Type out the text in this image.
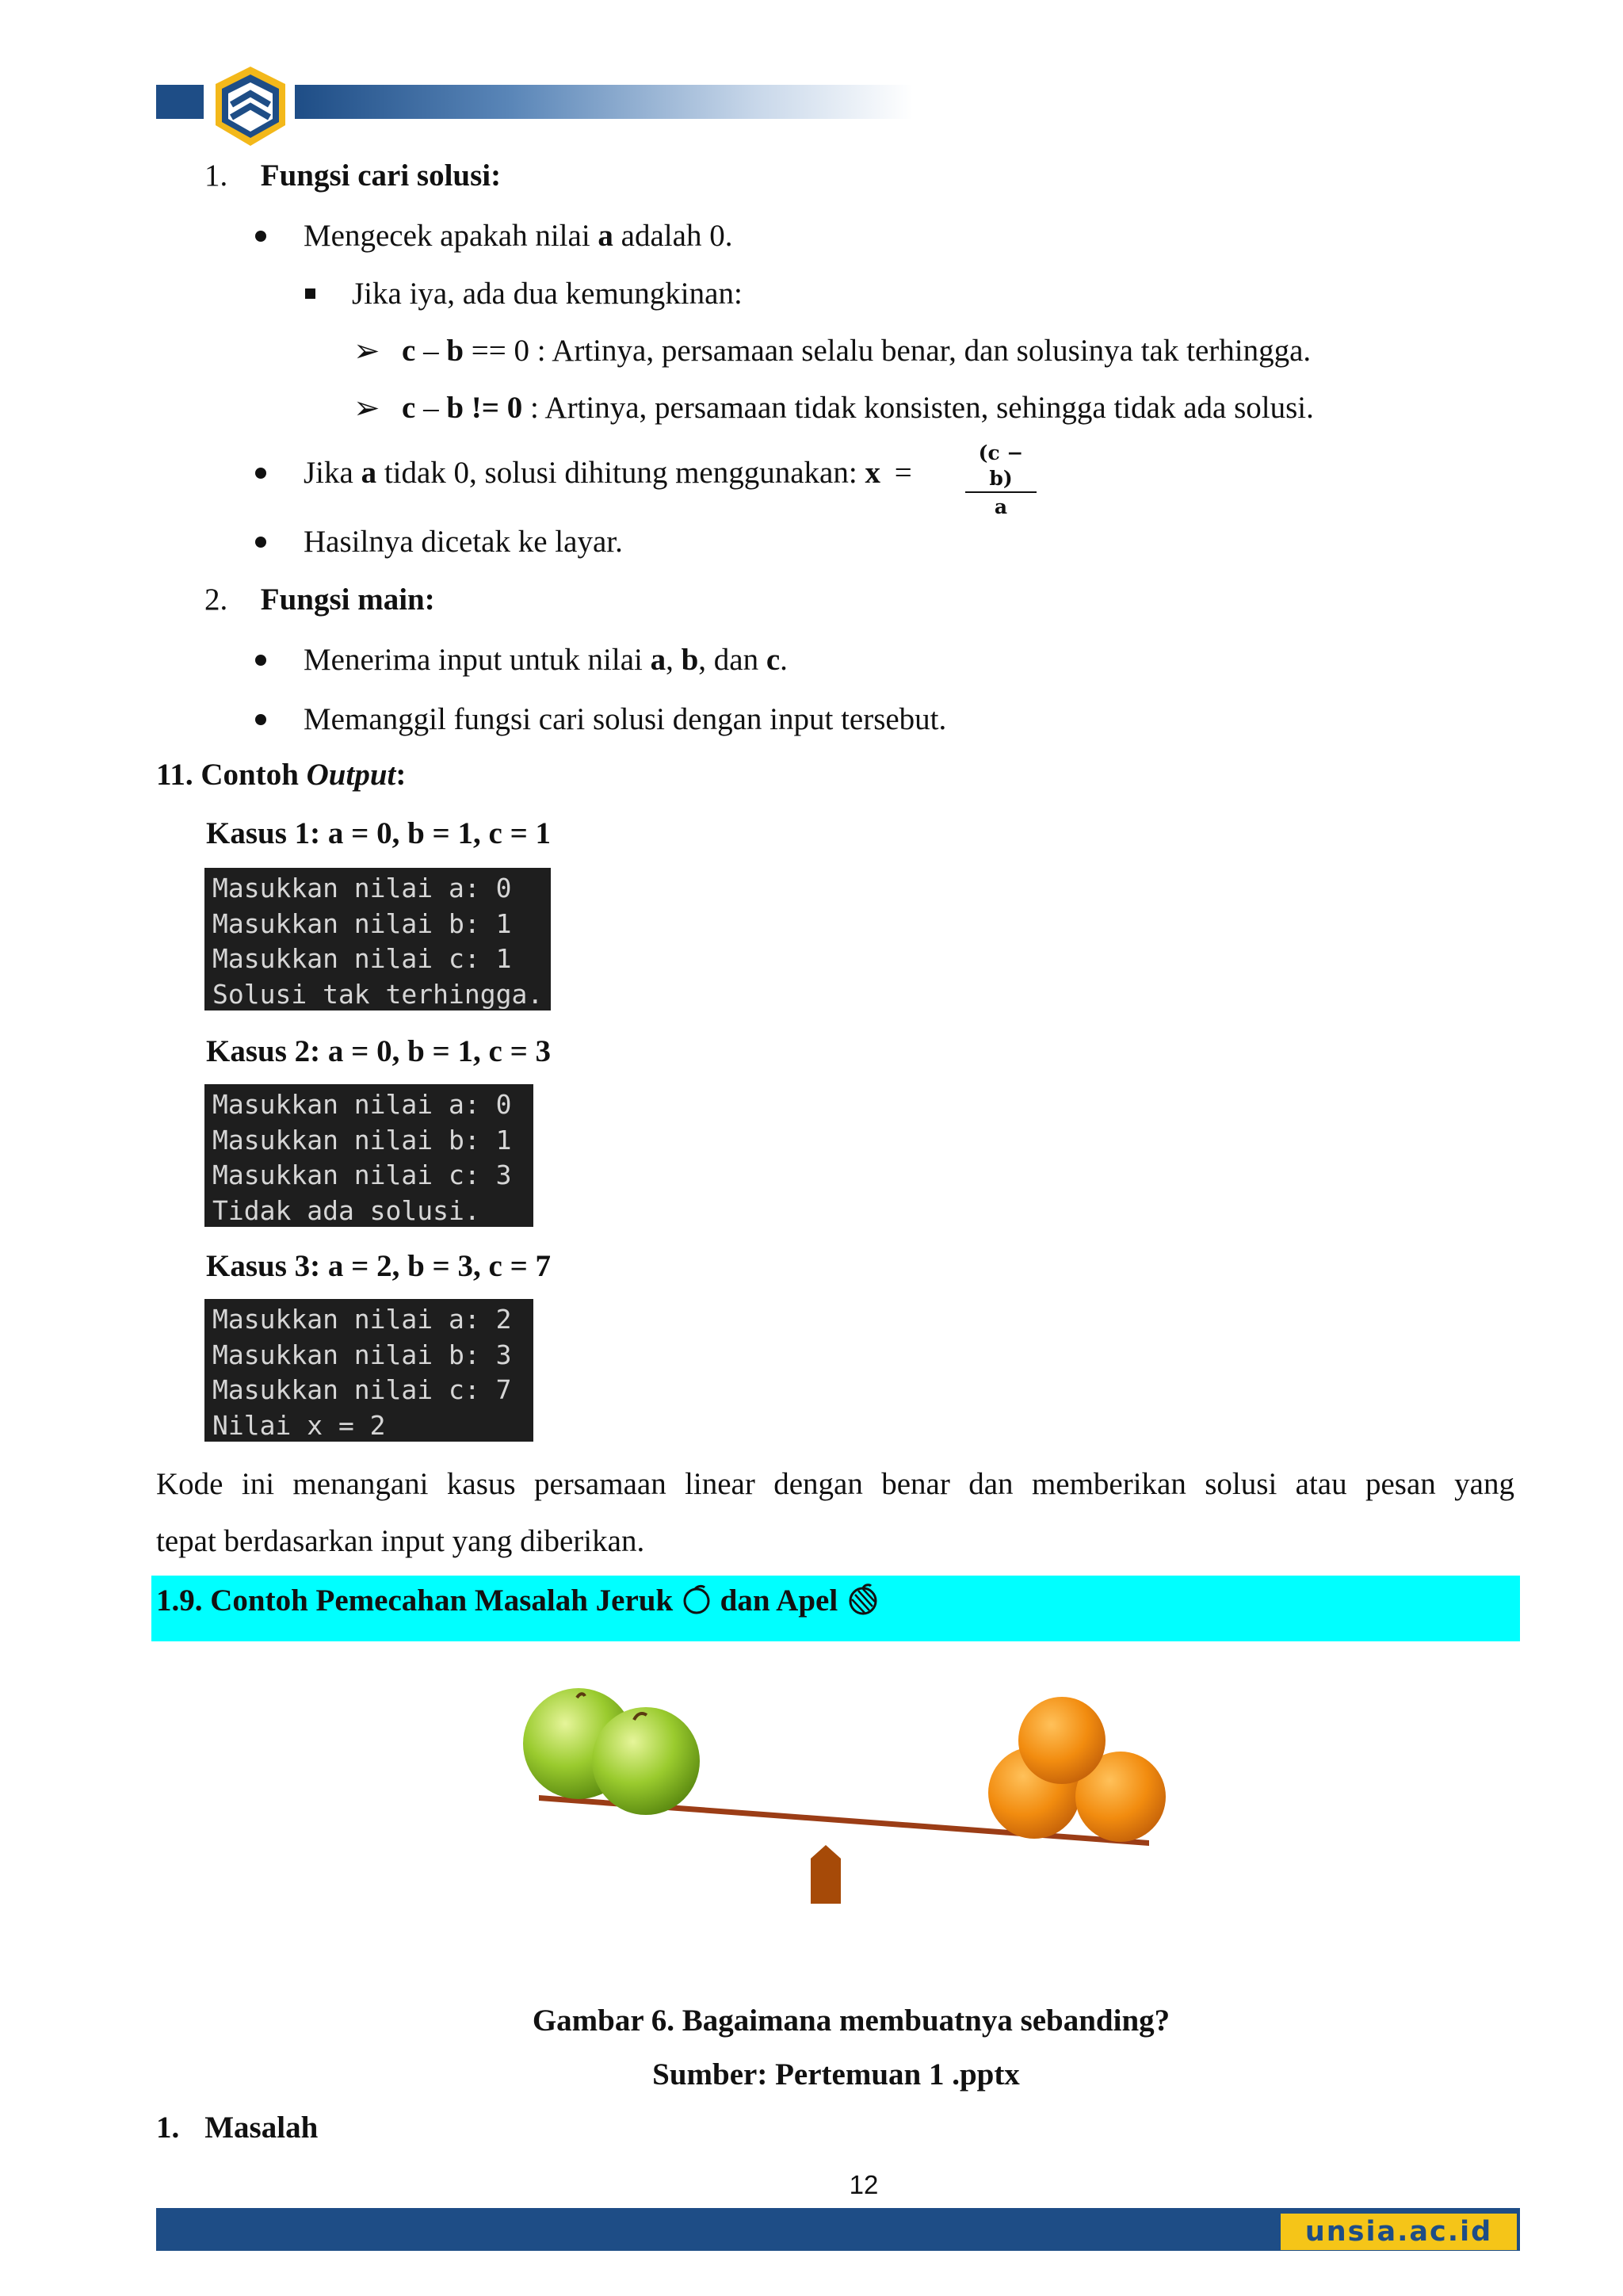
1. Fungsi cari solusi:
Mengecek apakah nilai a adalah 0.
Jika iya, ada dua kemungkinan:
➢ c – b == 0 : Artinya, persamaan selalu benar, dan solusinya tak terhingga.
➢ c – b != 0 : Artinya, persamaan tidak konsisten, sehingga tidak ada solusi.
Jika a tidak 0, solusi dihitung menggunakan: x =	$\frac{(c - b)}{a}$
Hasilnya dicetak ke layar.
2. Fungsi main:
Menerima input untuk nilai a, b, dan c.
Memanggil fungsi cari solusi dengan input tersebut.
11. Contoh Output:
Kasus 1: a = 0, b = 1, c = 1
Masukkan nilai a: 0
Masukkan nilai b: 1
Masukkan nilai c: 1
Solusi tak terhingga.
Kasus 2: a = 0, b = 1, c = 3
Masukkan nilai a: 0
Masukkan nilai b: 1
Masukkan nilai c: 3
Tidak ada solusi.
Kasus 3: a = 2, b = 3, c = 7
Masukkan nilai a: 2
Masukkan nilai b: 3
Masukkan nilai c: 7
Nilai x = 2
Kode ini menangani kasus persamaan linear dengan benar dan memberikan solusi atau pesan yang
tepat berdasarkan input yang diberikan.
1.9. Contoh Pemecahan Masalah Jeruk  dan Apel
Gambar 6. Bagaimana membuatnya sebanding?
Sumber: Pertemuan 1 .pptx
1. Masalah
12
unsia.ac.id
